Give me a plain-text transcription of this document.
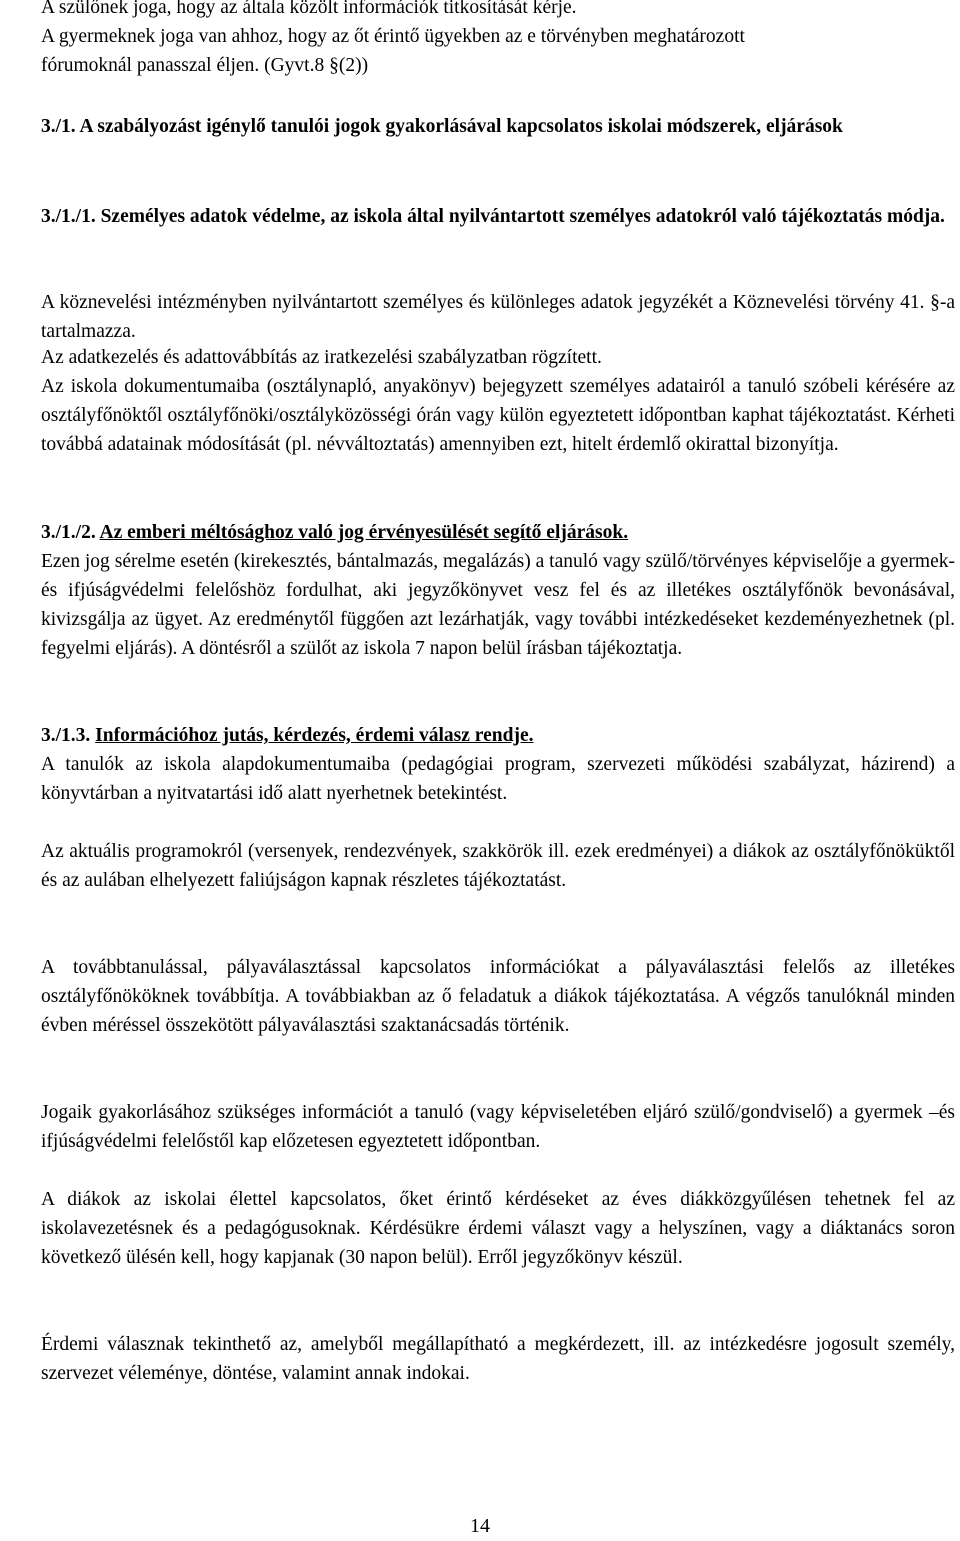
A szülőnek joga, hogy az általa közölt információk titkosítását kérje.
A gyermeknek joga van ahhoz, hogy az őt érintő ügyekben az e törvényben meghatározott
fórumoknál panasszal éljen. (Gyvt.8 §(2))
3./1. A szabályozást igénylő tanulói jogok gyakorlásával kapcsolatos iskolai módszerek, eljárások
3./1./1. Személyes adatok védelme, az iskola által nyilvántartott személyes adatokról való tájékoztatás módja.
A köznevelési intézményben nyilvántartott személyes és különleges adatok jegyzékét a Köznevelési törvény 41. §-a tartalmazza.
Az adatkezelés és adattovábbítás az iratkezelési szabályzatban rögzített.
Az iskola dokumentumaiba (osztálynapló, anyakönyv) bejegyzett személyes adatairól a tanuló szóbeli kérésére az osztályfőnöktől osztályfőnöki/osztályközösségi órán vagy külön egyeztetett időpontban kaphat tájékoztatást. Kérheti továbbá adatainak módosítását (pl. névváltoztatás) amennyiben ezt, hitelt érdemlő okirattal bizonyítja.
3./1./2. Az emberi méltósághoz való jog érvényesülését segítő eljárások.
Ezen jog sérelme esetén (kirekesztés, bántalmazás, megalázás) a tanuló vagy szülő/törvényes képviselője a gyermek- és ifjúságvédelmi felelőshöz fordulhat, aki jegyzőkönyvet vesz fel és az illetékes osztályfőnök bevonásával, kivizsgálja az ügyet. Az eredménytől függően azt lezárhatják, vagy további intézkedéseket kezdeményezhetnek (pl. fegyelmi eljárás). A döntésről a szülőt az iskola 7 napon belül írásban tájékoztatja.
3./1.3. Információhoz jutás, kérdezés, érdemi válasz rendje.
A tanulók az iskola alapdokumentumaiba (pedagógiai program, szervezeti működési szabályzat, házirend) a könyvtárban a nyitvatartási idő alatt nyerhetnek betekintést.
Az aktuális programokról (versenyek, rendezvények, szakkörök ill. ezek eredményei) a diákok az osztályfőnöküktől és az aulában elhelyezett faliújságon kapnak részletes tájékoztatást.
A továbbtanulással, pályaválasztással kapcsolatos információkat a pályaválasztási felelős az illetékes osztályfőnököknek továbbítja. A továbbiakban az ő feladatuk a diákok tájékoztatása. A végzős tanulóknál minden évben méréssel összekötött pályaválasztási szaktanácsadás történik.
Jogaik gyakorlásához szükséges információt a tanuló (vagy képviseletében eljáró szülő/gondviselő) a gyermek –és ifjúságvédelmi felelőstől kap előzetesen egyeztetett időpontban.
A diákok az iskolai élettel kapcsolatos, őket érintő kérdéseket az éves diákközgyűlésen tehetnek fel az iskolavezetésnek és a pedagógusoknak. Kérdésükre érdemi választ vagy a helyszínen, vagy a diáktanács soron következő ülésén kell, hogy kapjanak (30 napon belül). Erről jegyzőkönyv készül.
Érdemi válasznak tekinthető az, amelyből megállapítható a megkérdezett, ill. az intézkedésre jogosult személy, szervezet véleménye, döntése, valamint annak indokai.
14
